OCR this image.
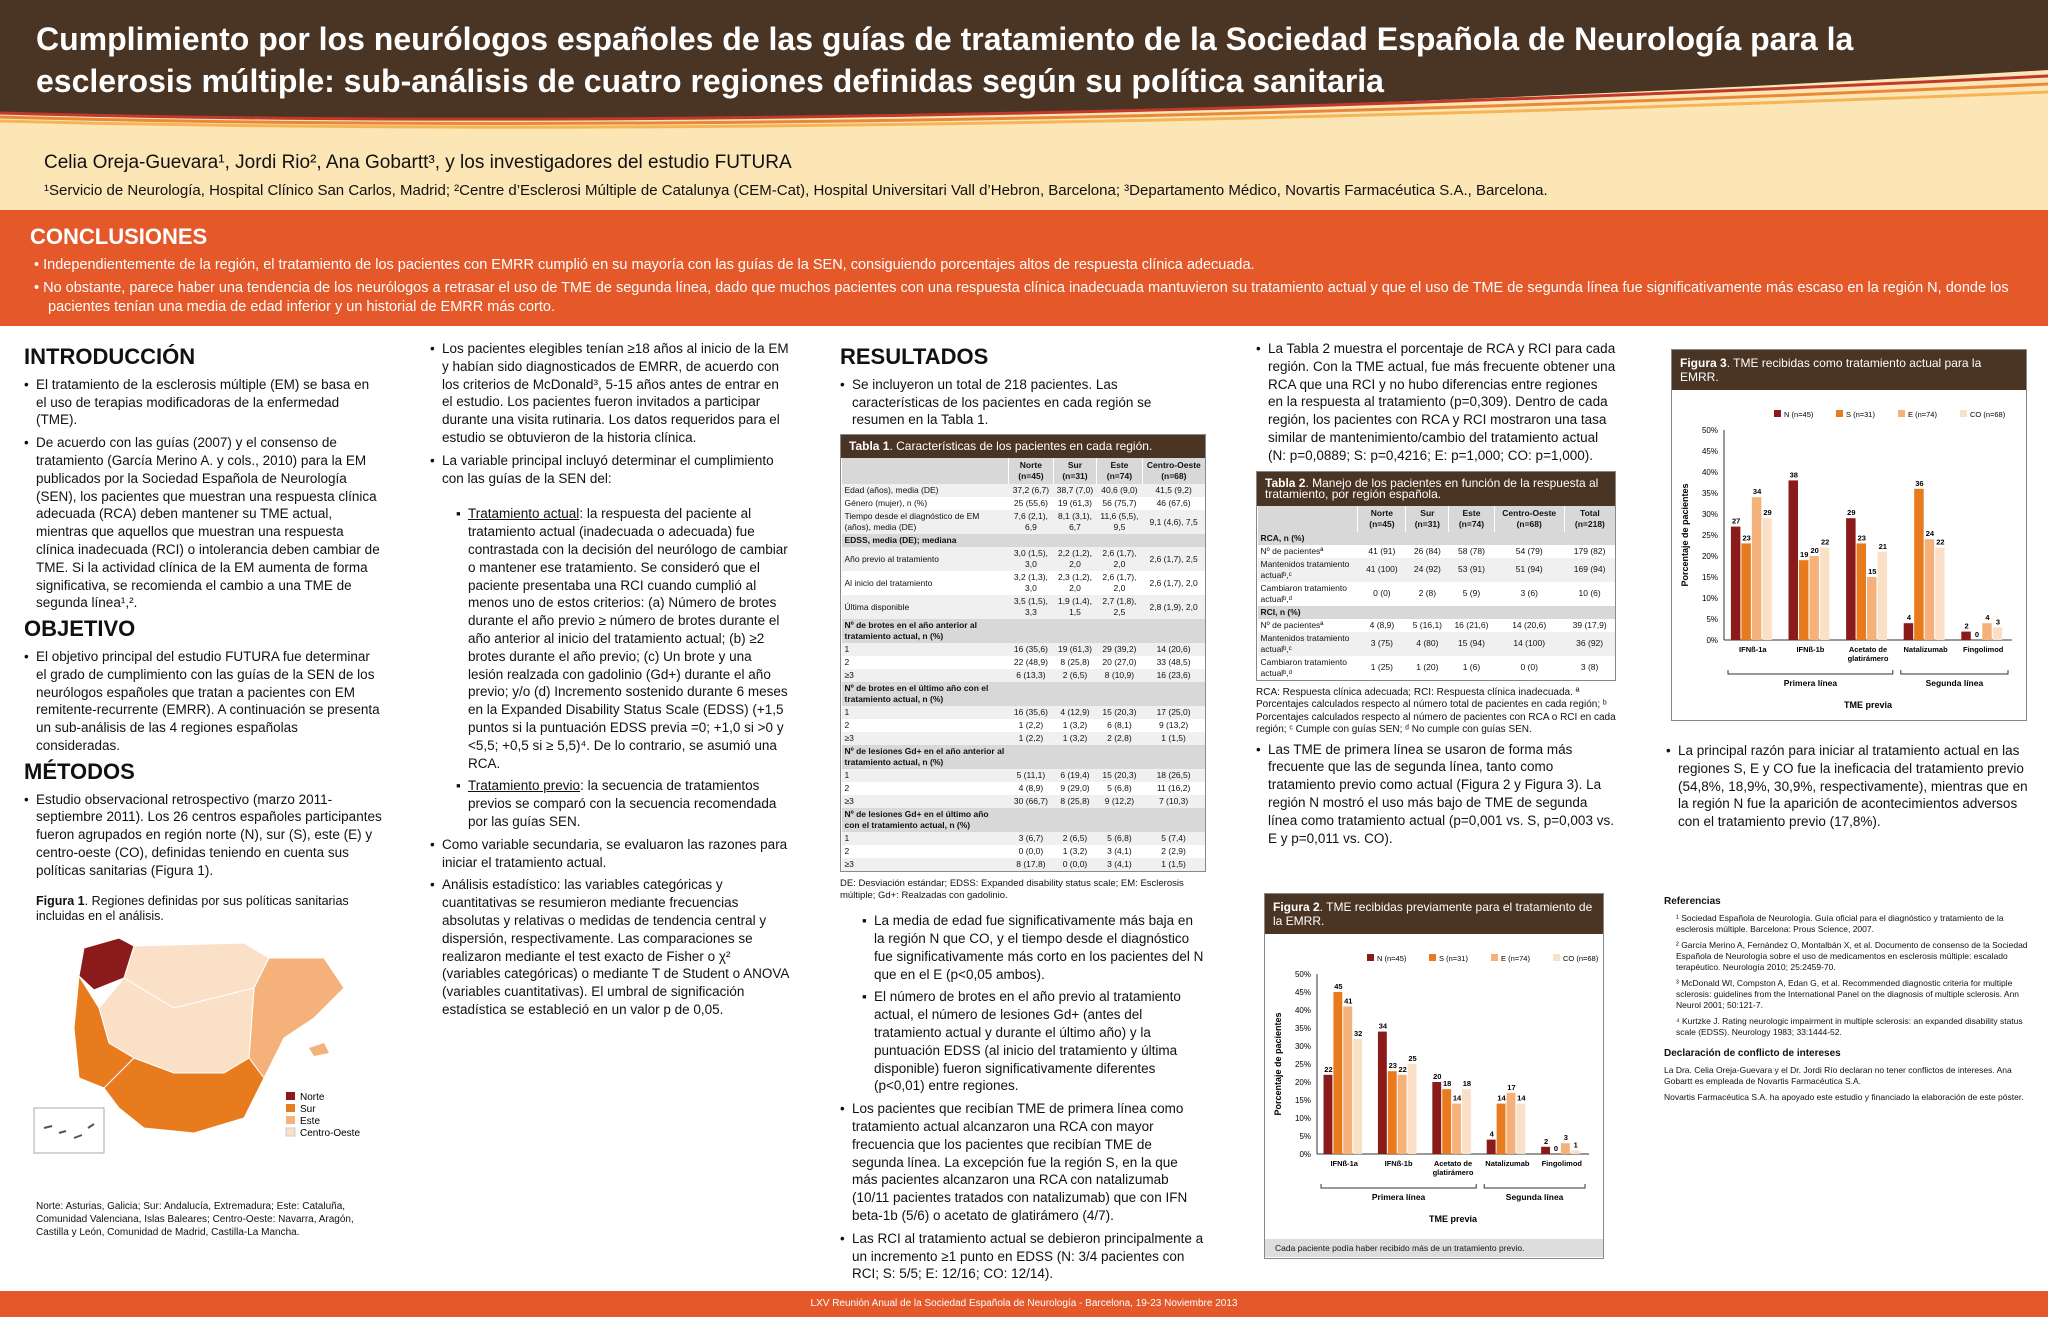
Cumplimiento por los neurólogos españoles de las guías de tratamiento de la Sociedad Española de Neurología para la esclerosis múltiple: sub-análisis de cuatro regiones definidas según su política sanitaria
Celia Oreja-Guevara¹, Jordi Rio², Ana Gobartt³, y los investigadores del estudio FUTURA
¹Servicio de Neurología, Hospital Clínico San Carlos, Madrid; ²Centre d’Esclerosi Múltiple de Catalunya (CEM-Cat), Hospital Universitari Vall d’Hebron, Barcelona; ³Departamento Médico, Novartis Farmacéutica S.A., Barcelona.
CONCLUSIONES
• Independientemente de la región, el tratamiento de los pacientes con EMRR cumplió en su mayoría con las guías de la SEN, consiguiendo porcentajes altos de respuesta clínica adecuada.
• No obstante, parece haber una tendencia de los neurólogos a retrasar el uso de TME de segunda línea, dado que muchos pacientes con una respuesta clínica inadecuada mantuvieron su tratamiento actual y que el uso de TME de segunda línea fue significativamente más escaso en la región N, donde los pacientes tenían una media de edad inferior y un historial de EMRR más corto.
INTRODUCCIÓN
• El tratamiento de la esclerosis múltiple (EM) se basa en el uso de terapias modificadoras de la enfermedad (TME).
• De acuerdo con las guías (2007) y el consenso de tratamiento (García Merino A. y cols., 2010) para la EM publicados por la Sociedad Española de Neurología (SEN), los pacientes que muestran una respuesta clínica adecuada (RCA) deben mantener su TME actual, mientras que aquellos que muestran una respuesta clínica inadecuada (RCI) o intolerancia deben cambiar de TME. Si la actividad clínica de la EM aumenta de forma significativa, se recomienda el cambio a una TME de segunda línea¹,².
OBJETIVO
• El objetivo principal del estudio FUTURA fue determinar el grado de cumplimiento con las guías de la SEN de los neurólogos españoles que tratan a pacientes con EM remitente-recurrente (EMRR). A continuación se presenta un sub-análisis de las 4 regiones españolas consideradas.
MÉTODOS
• Estudio observacional retrospectivo (marzo 2011-septiembre 2011). Los 26 centros españoles participantes fueron agrupados en región norte (N), sur (S), este (E) y centro-oeste (CO), definidas teniendo en cuenta sus políticas sanitarias (Figura 1).
Figura 1. Regiones definidas por sus políticas sanitarias incluidas en el análisis.
Norte
Sur
Este
Centro-Oeste
Norte: Asturias, Galicia; Sur: Andalucía, Extremadura; Este: Cataluña, Comunidad Valenciana, Islas Baleares; Centro-Oeste: Navarra, Aragón, Castilla y León, Comunidad de Madrid, Castilla-La Mancha.
• Los pacientes elegibles tenían ≥18 años al inicio de la EM y habían sido diagnosticados de EMRR, de acuerdo con los criterios de McDonald³, 5-15 años antes de entrar en el estudio. Los pacientes fueron invitados a participar durante una visita rutinaria. Los datos requeridos para el estudio se obtuvieron de la historia clínica.
• La variable principal incluyó determinar el cumplimiento con las guías de la SEN del:
▪ Tratamiento actual: la respuesta del paciente al tratamiento actual (inadecuada o adecuada) fue contrastada con la decisión del neurólogo de cambiar o mantener ese tratamiento. Se consideró que el paciente presentaba una RCI cuando cumplió al menos uno de estos criterios: (a) Número de brotes durante el año previo ≥ número de brotes durante el año anterior al inicio del tratamiento actual; (b) ≥2 brotes durante el año previo; (c) Un brote y una lesión realzada con gadolinio (Gd+) durante el año previo; y/o (d) Incremento sostenido durante 6 meses en la Expanded Disability Status Scale (EDSS) (+1,5 puntos si la puntuación EDSS previa =0; +1,0 si >0 y <5,5; +0,5 si ≥ 5,5)⁴. De lo contrario, se asumió una RCA.
▪ Tratamiento previo: la secuencia de tratamientos previos se comparó con la secuencia recomendada por las guías SEN.
• Como variable secundaria, se evaluaron las razones para iniciar el tratamiento actual.
• Análisis estadístico: las variables categóricas y cuantitativas se resumieron mediante frecuencias absolutas y relativas o medidas de tendencia central y dispersión, respectivamente. Las comparaciones se realizaron mediante el test exacto de Fisher o χ² (variables categóricas) o mediante T de Student o ANOVA (variables cuantitativas). El umbral de significación estadística se estableció en un valor p de 0,05.
RESULTADOS
• Se incluyeron un total de 218 pacientes. Las características de los pacientes en cada región se resumen en la Tabla 1.
Tabla 1. Características de los pacientes en cada región.
	Norte (n=45)	Sur (n=31)	Este (n=74)	Centro-Oeste (n=68)
Edad (años), media (DE)	37,2 (6,7)	38,7 (7,0)	40,6 (9,0)	41,5 (9,2)
Género (mujer), n (%)	25 (55,6)	19 (61,3)	56 (75,7)	46 (67,6)
Tiempo desde el diagnóstico de EM (años), media (DE)	7,6 (2,1), 6,9	8,1 (3,1), 6,7	11,6 (5,5), 9,5	9,1 (4,6), 7,5
EDSS, media (DE); mediana				
Año previo al tratamiento	3,0 (1,5), 3,0	2,2 (1,2), 2,0	2,6 (1,7), 2,0	2,6 (1,7), 2,5
Al inicio del tratamiento	3,2 (1,3), 3,0	2,3 (1,2), 2,0	2,6 (1,7), 2,0	2,6 (1,7), 2,0
Última disponible	3,5 (1,5), 3,3	1,9 (1,4), 1,5	2,7 (1,8), 2,5	2,8 (1,9), 2,0
Nº de brotes en el año anterior al tratamiento actual, n (%)				
1	16 (35,6)	19 (61,3)	29 (39,2)	14 (20,6)
2	22 (48,9)	8 (25,8)	20 (27,0)	33 (48,5)
≥3	6 (13,3)	2 (6,5)	8 (10,9)	16 (23,6)
Nº de brotes en el último año con el tratamiento actual, n (%)				
1	16 (35,6)	4 (12,9)	15 (20,3)	17 (25,0)
2	1 (2,2)	1 (3,2)	6 (8,1)	9 (13,2)
≥3	1 (2,2)	1 (3,2)	2 (2,8)	1 (1,5)
Nº de lesiones Gd+ en el año anterior al tratamiento actual, n (%)				
1	5 (11,1)	6 (19,4)	15 (20,3)	18 (26,5)
2	4 (8,9)	9 (29,0)	5 (6,8)	11 (16,2)
≥3	30 (66,7)	8 (25,8)	9 (12,2)	7 (10,3)
Nº de lesiones Gd+ en el último año con el tratamiento actual, n (%)				
1	3 (6,7)	2 (6,5)	5 (6,8)	5 (7,4)
2	0 (0,0)	1 (3,2)	3 (4,1)	2 (2,9)
≥3	8 (17,8)	0 (0,0)	3 (4,1)	1 (1,5)
DE: Desviación estándar; EDSS: Expanded disability status scale; EM: Esclerosis múltiple; Gd+: Realzadas con gadolinio.
▪ La media de edad fue significativamente más baja en la región N que CO, y el tiempo desde el diagnóstico fue significativamente más corto en los pacientes del N que en el E (p<0,05 ambos).
▪ El número de brotes en el año previo al tratamiento actual, el número de lesiones Gd+ (antes del tratamiento actual y durante el último año) y la puntuación EDSS (al inicio del tratamiento y última disponible) fueron significativamente diferentes (p<0,01) entre regiones.
• Los pacientes que recibían TME de primera línea como tratamiento actual alcanzaron una RCA con mayor frecuencia que los pacientes que recibían TME de segunda línea. La excepción fue la región S, en la que más pacientes alcanzaron una RCA con natalizumab (10/11 pacientes tratados con natalizumab) que con IFN beta-1b (5/6) o acetato de glatirámero (4/7).
• Las RCI al tratamiento actual se debieron principalmente a un incremento ≥1 punto en EDSS (N: 3/4 pacientes con RCI; S: 5/5; E: 12/16; CO: 12/14).
• La Tabla 2 muestra el porcentaje de RCA y RCI para cada región. Con la TME actual, fue más frecuente obtener una RCA que una RCI y no hubo diferencias entre regiones en la respuesta al tratamiento (p=0,309). Dentro de cada región, los pacientes con RCA y RCI mostraron una tasa similar de mantenimiento/cambio del tratamiento actual (N: p=0,0889; S: p=0,4216; E: p=1,000; CO: p=1,000).
Tabla 2. Manejo de los pacientes en función de la respuesta al tratamiento, por región española.
	Norte (n=45)	Sur (n=31)	Este (n=74)	Centro-Oeste (n=68)	Total (n=218)
RCA, n (%)					
Nº de pacientesª	41 (91)	26 (84)	58 (78)	54 (79)	179 (82)
Mantenidos tratamiento actualᵇ,ᶜ	41 (100)	24 (92)	53 (91)	51 (94)	169 (94)
Cambiaron tratamiento actualᵇ,ᵈ	0 (0)	2 (8)	5 (9)	3 (6)	10 (6)
RCI, n (%)					
Nº de pacientesª	4 (8,9)	5 (16,1)	16 (21,6)	14 (20,6)	39 (17,9)
Mantenidos tratamiento actualᵇ,ᶜ	3 (75)	4 (80)	15 (94)	14 (100)	36 (92)
Cambiaron tratamiento actualᵇ,ᵈ	1 (25)	1 (20)	1 (6)	0 (0)	3 (8)
RCA: Respuesta clínica adecuada; RCI: Respuesta clínica inadecuada. ª Porcentajes calculados respecto al número total de pacientes en cada región; ᵇ Porcentajes calculados respecto al número de pacientes con RCA o RCI en cada región; ᶜ Cumple con guías SEN; ᵈ No cumple con guías SEN.
• Las TME de primera línea se usaron de forma más frecuente que las de segunda línea, tanto como tratamiento previo como actual (Figura 2 y Figura 3). La región N mostró el uso más bajo de TME de segunda línea como tratamiento actual (p=0,001 vs. S, p=0,003 vs. E y p=0,011 vs. CO).
Figura 2. TME recibidas previamente para el tratamiento de la EMRR.
N (n=45)	S (n=31)	E (n=74)	CO (n=68)
0%
5%
10%
15%
20%
25%
30%
35%
40%
45%
50%
Porcentaje de pacientes	22
45
41
32
IFNß-1a
34
23 22
25
IFNß-1b
20
18
14
18
Acetato de
glatirámero
4
14
17
14
Natalizumab
2
0
3
1
Fingolimod
Primera línea	Segunda línea
TME previa
Cada paciente podía haber recibido más de un tratamiento previo.
Figura 3. TME recibidas como tratamiento actual para la EMRR.
N (n=45)	S (n=31)	E (n=74)	CO (n=68)
0%
5%
10%
15%
20%
25%
30%
35%
40%
45%
50%
Porcentaje de pacientes	27
23
34
29
IFNß-1a
38
19 20
22
IFNß-1b
29
23
15
21
Acetato de
glatirámero
4
36
24
22
Natalizumab
2
0
4 3
Fingolimod
Primera línea	Segunda línea
TME previa
• La principal razón para iniciar al tratamiento actual en las regiones S, E y CO fue la ineficacia del tratamiento previo (54,8%, 18,9%, 30,9%, respectivamente), mientras que en la región N fue la aparición de acontecimientos adversos con el tratamiento previo (17,8%).
Referencias

¹ Sociedad Española de Neurología. Guía oficial para el diagnóstico y tratamiento de la esclerosis múltiple. Barcelona: Prous Science, 2007.

² García Merino A, Fernández O, Montalbán X, et al. Documento de consenso de la Sociedad Española de Neurología sobre el uso de medicamentos en esclerosis múltiple: escalado terapéutico. Neurología 2010; 25:2459-70.

³ McDonald WI, Compston A, Edan G, et al. Recommended diagnostic criteria for multiple sclerosis: guidelines from the International Panel on the diagnosis of multiple sclerosis. Ann Neurol 2001; 50:121-7.

⁴ Kurtzke J. Rating neurologic impairment in multiple sclerosis: an expanded disability status scale (EDSS). Neurology 1983; 33:1444-52.

Declaración de conflicto de intereses

La Dra. Celia Oreja-Guevara y el Dr. Jordi Río declaran no tener conflictos de intereses. Ana Gobartt es empleada de Novartis Farmacéutica S.A.

Novartis Farmacéutica S.A. ha apoyado este estudio y financiado la elaboración de este póster.

LXV Reunión Anual de la Sociedad Española de Neurología - Barcelona, 19-23 Noviembre 2013
